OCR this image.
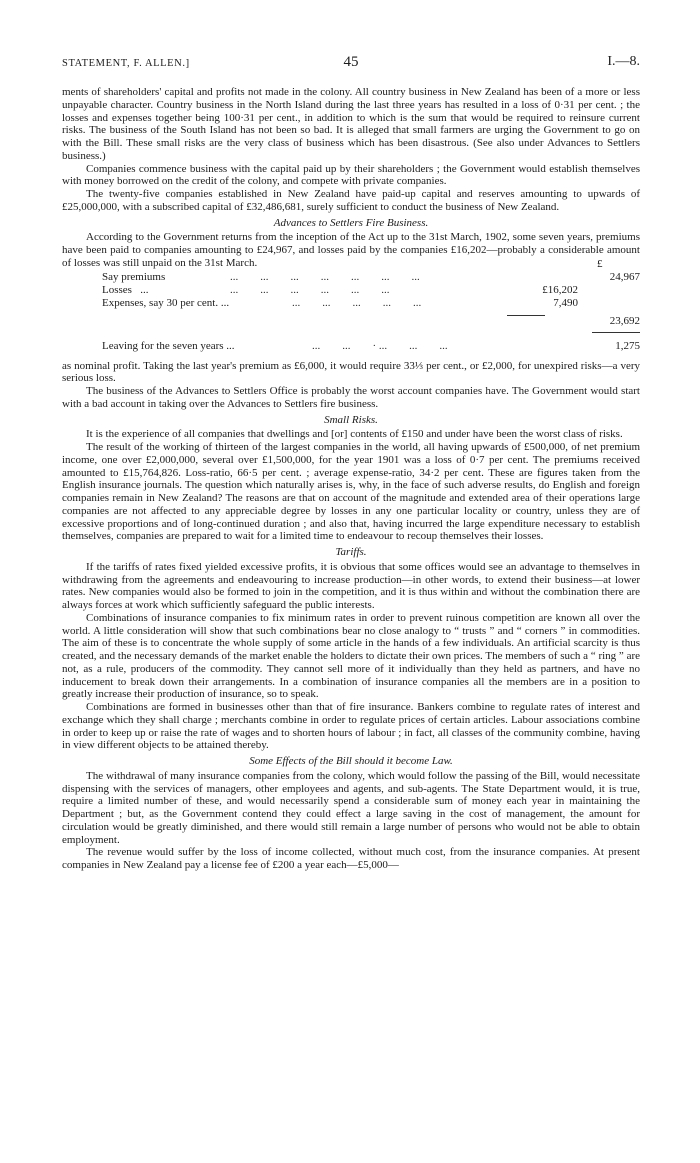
STATEMENT, F. ALLEN.]	45	I.—8.

ments of shareholders' capital and profits not made in the colony. All country business in New Zealand has been of a more or less unpayable character. Country business in the North Island during the last three years has resulted in a loss of 0·31 per cent. ; the losses and expenses together being 100·31 per cent., in addition to which is the sum that would be required to reinsure current risks. The business of the South Island has not been so bad. It is alleged that small farmers are urging the Government to go on with the Bill. These small risks are the very class of business which has been disastrous. (See also under Advances to Settlers business.)

Companies commence business with the capital paid up by their shareholders ; the Government would establish themselves with money borrowed on the credit of the colony, and compete with private companies.

The twenty-five companies established in New Zealand have paid-up capital and reserves amounting to upwards of £25,000,000, with a subscribed capital of £32,486,681, surely sufficient to conduct the business of New Zealand.

Advances to Settlers Fire Business.

According to the Government returns from the inception of the Act up to the 31st March, 1902, some seven years, premiums have been paid to companies amounting to £24,967, and losses paid by the companies £16,202—probably a considerable amount of losses was still unpaid on the 31st March.	£
Say premiums	...        ...        ...        ...        ...        ...        ...	24,967
Losses   ...	...        ...        ...        ...        ...        ...	£16,202
Expenses, say 30 per cent. ...	...        ...        ...        ...        ...	7,490
23,692
Leaving for the seven years ...	...        ...        · ...        ...        ...	1,275

as nominal profit. Taking the last year's premium as £6,000, it would require 33⅓ per cent., or £2,000, for unexpired risks—a very serious loss.

The business of the Advances to Settlers Office is probably the worst account companies have. The Government would start with a bad account in taking over the Advances to Settlers fire business.

Small Risks.

It is the experience of all companies that dwellings and [or] contents of £150 and under have been the worst class of risks.

The result of the working of thirteen of the largest companies in the world, all having upwards of £500,000, of net premium income, one over £2,000,000, several over £1,500,000, for the year 1901 was a loss of 0·7 per cent. The premiums received amounted to £15,764,826. Loss-ratio, 66·5 per cent. ; average expense-ratio, 34·2 per cent. These are figures taken from the English insurance journals. The question which naturally arises is, why, in the face of such adverse results, do English and foreign companies remain in New Zealand? The reasons are that on account of the magnitude and extended area of their operations large companies are not affected to any appreciable degree by losses in any one particular locality or country, unless they are of excessive proportions and of long-continued duration ; and also that, having incurred the large expenditure necessary to establish themselves, companies are prepared to wait for a limited time to endeavour to recoup themselves their losses.

Tariffs.

If the tariffs of rates fixed yielded excessive profits, it is obvious that some offices would see an advantage to themselves in withdrawing from the agreements and endeavouring to increase production—in other words, to extend their business—at lower rates. New companies would also be formed to join in the competition, and it is thus within and without the combination there are always forces at work which sufficiently safeguard the public interests.

Combinations of insurance companies to fix minimum rates in order to prevent ruinous competition are known all over the world. A little consideration will show that such combinations bear no close analogy to “ trusts ” and “ corners ” in commodities. The aim of these is to concentrate the whole supply of some article in the hands of a few individuals. An artificial scarcity is thus created, and the necessary demands of the market enable the holders to dictate their own prices. The members of such a “ ring ” are not, as a rule, producers of the commodity. They cannot sell more of it individually than they held as partners, and have no inducement to break down their arrangements. In a combination of insurance companies all the members are in a position to greatly increase their production of insurance, so to speak.

Combinations are formed in businesses other than that of fire insurance. Bankers combine to regulate rates of interest and exchange which they shall charge ; merchants combine in order to regulate prices of certain articles. Labour associations combine in order to keep up or raise the rate of wages and to shorten hours of labour ; in fact, all classes of the community combine, having in view different objects to be attained thereby.

Some Effects of the Bill should it become Law.

The withdrawal of many insurance companies from the colony, which would follow the passing of the Bill, would necessitate dispensing with the services of managers, other employees and agents, and sub-agents. The State Department would, it is true, require a limited number of these, and would necessarily spend a considerable sum of money each year in maintaining the Department ; but, as the Government contend they could effect a large saving in the cost of management, the amount for circulation would be greatly diminished, and there would still remain a large number of persons who would not be able to obtain employment.

The revenue would suffer by the loss of income collected, without much cost, from the insurance companies. At present companies in New Zealand pay a license fee of £200 a year each—£5,000—
